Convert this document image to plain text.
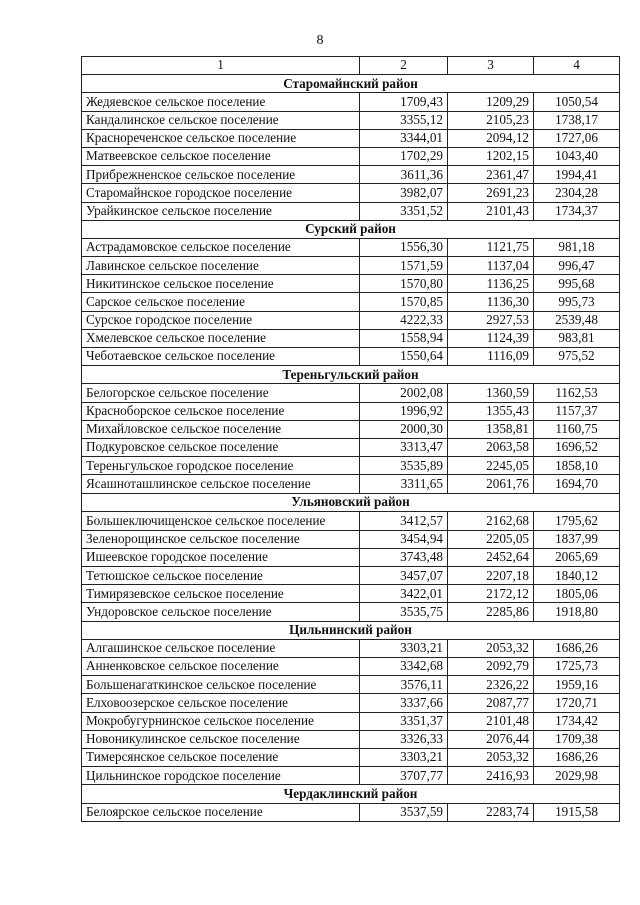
8
1	2	3	4
Старомайнский район			
Жедяевское сельское поселение	1709,43	1209,29	1050,54
Кандалинское сельское поселение	3355,12	2105,23	1738,17
Краснореченское сельское поселение	3344,01	2094,12	1727,06
Матвеевское сельское поселение	1702,29	1202,15	1043,40
Прибрежненское сельское поселение	3611,36	2361,47	1994,41
Старомайнское городское поселение	3982,07	2691,23	2304,28
Урайкинское сельское поселение	3351,52	2101,43	1734,37
Сурский район			
Астрадамовское сельское поселение	1556,30	1121,75	981,18
Лавинское сельское поселение	1571,59	1137,04	996,47
Никитинское сельское поселение	1570,80	1136,25	995,68
Сарское сельское поселение	1570,85	1136,30	995,73
Сурское городское поселение	4222,33	2927,53	2539,48
Хмелевское сельское поселение	1558,94	1124,39	983,81
Чеботаевское сельское поселение	1550,64	1116,09	975,52
Тереньгульский район			
Белогорское сельское поселение	2002,08	1360,59	1162,53
Красноборское сельское поселение	1996,92	1355,43	1157,37
Михайловское сельское поселение	2000,30	1358,81	1160,75
Подкуровское сельское поселение	3313,47	2063,58	1696,52
Тереньгульское городское поселение	3535,89	2245,05	1858,10
Ясашноташлинское сельское поселение	3311,65	2061,76	1694,70
Ульяновский район			
Большеключищенское сельское поселение	3412,57	2162,68	1795,62
Зеленорощинское сельское поселение	3454,94	2205,05	1837,99
Ишеевское городское поселение	3743,48	2452,64	2065,69
Тетюшское сельское поселение	3457,07	2207,18	1840,12
Тимирязевское сельское поселение	3422,01	2172,12	1805,06
Ундоровское сельское поселение	3535,75	2285,86	1918,80
Цильнинский район			
Алгашинское сельское поселение	3303,21	2053,32	1686,26
Анненковское сельское поселение	3342,68	2092,79	1725,73
Большенагаткинское сельское поселение	3576,11	2326,22	1959,16
Елховоозерское сельское поселение	3337,66	2087,77	1720,71
Мокробугурнинское сельское поселение	3351,37	2101,48	1734,42
Новоникулинское сельское поселение	3326,33	2076,44	1709,38
Тимерсянское сельское поселение	3303,21	2053,32	1686,26
Цильнинское городское поселение	3707,77	2416,93	2029,98
Чердаклинский район			
Белоярское сельское поселение	3537,59	2283,74	1915,58
